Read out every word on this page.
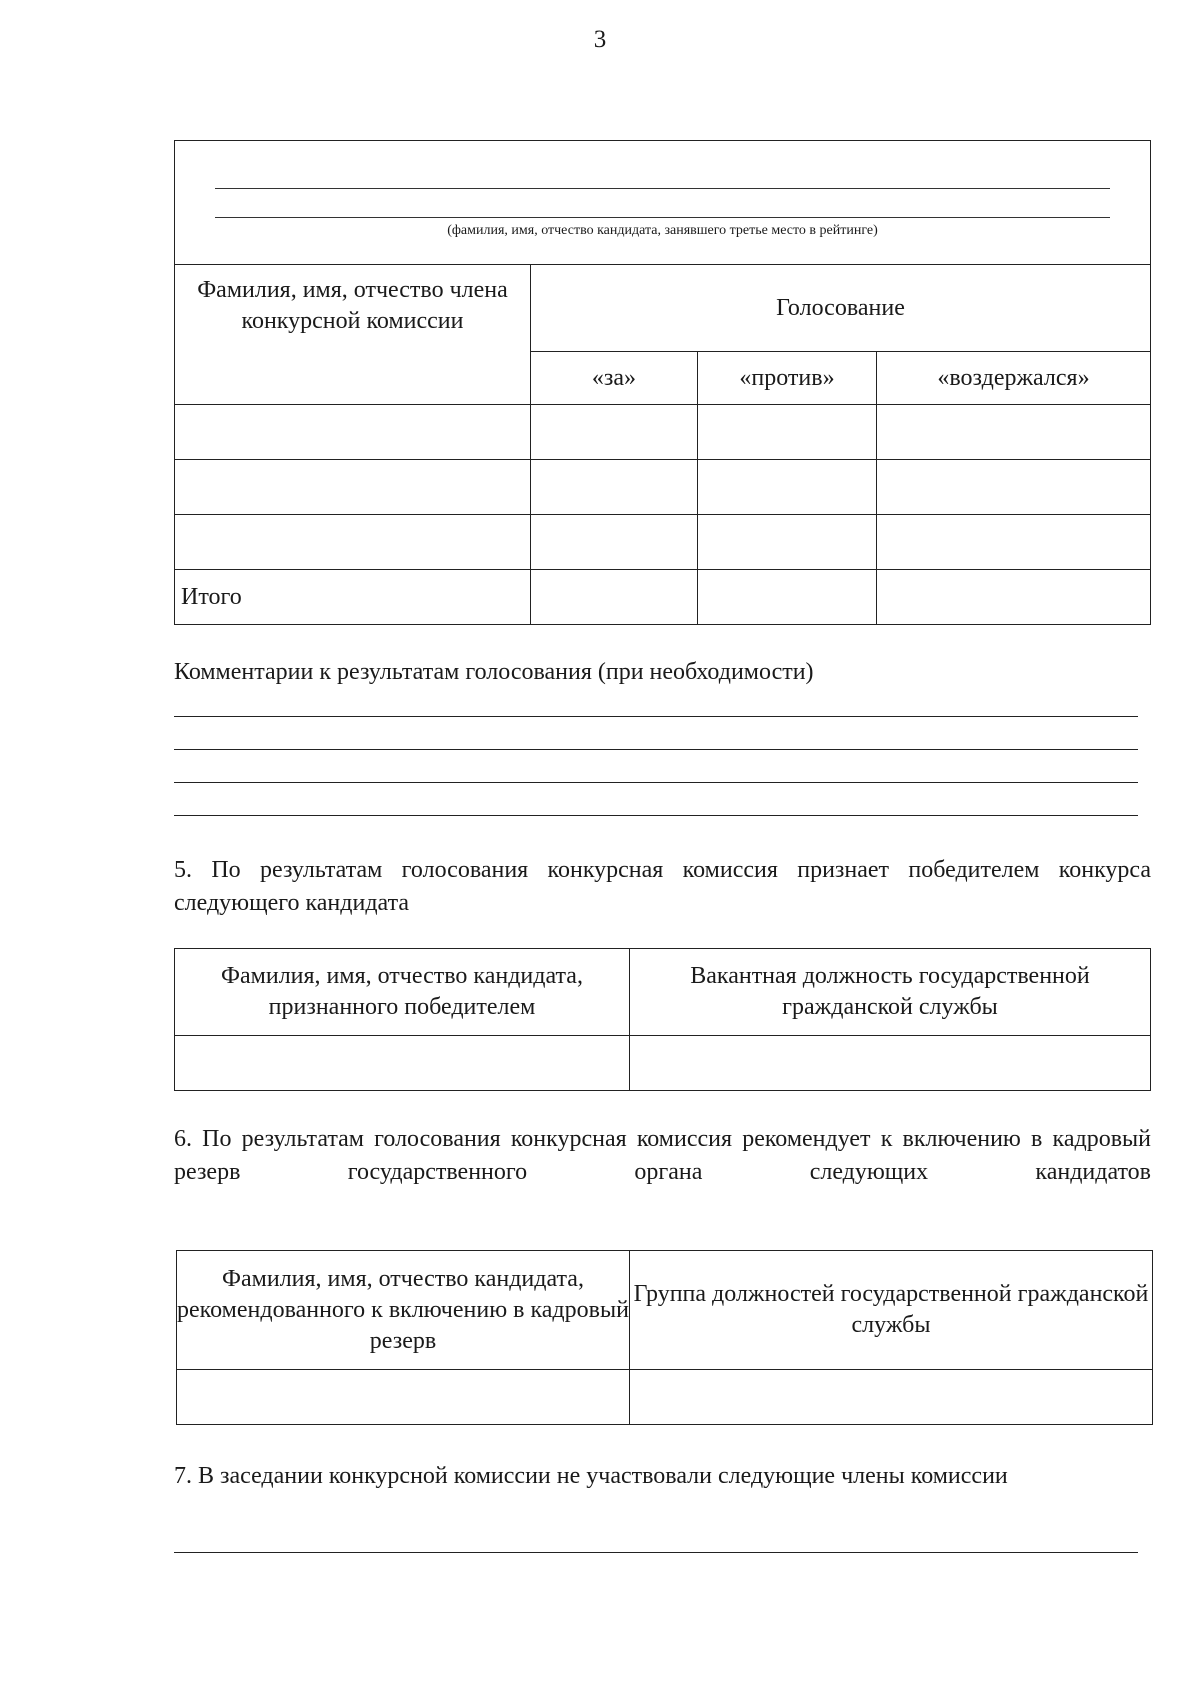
3
(фамилия, имя, отчество кандидата, занявшего третье место в рейтинге)			

Фамилия, имя, отчество члена конкурсной комиссии	Голосование		
	«за»	«против»	«воздержался»

Итого			
Комментарии к результатам голосования (при необходимости)
5. По результатам голосования конкурсная комиссия признает победителем конкурса следующего кандидата
Фамилия, имя, отчество кандидата, признанного победителем	Вакантная должность государственной гражданской службы

6. По результатам голосования конкурсная комиссия рекомендует к включению в кадровый резерв государственного органа следующих кандидатов
Фамилия, имя, отчество кандидата, рекомендованного к включению в кадровый резерв	Группа должностей государственной гражданской службы

7. В заседании конкурсной комиссии не участвовали следующие члены комиссии
